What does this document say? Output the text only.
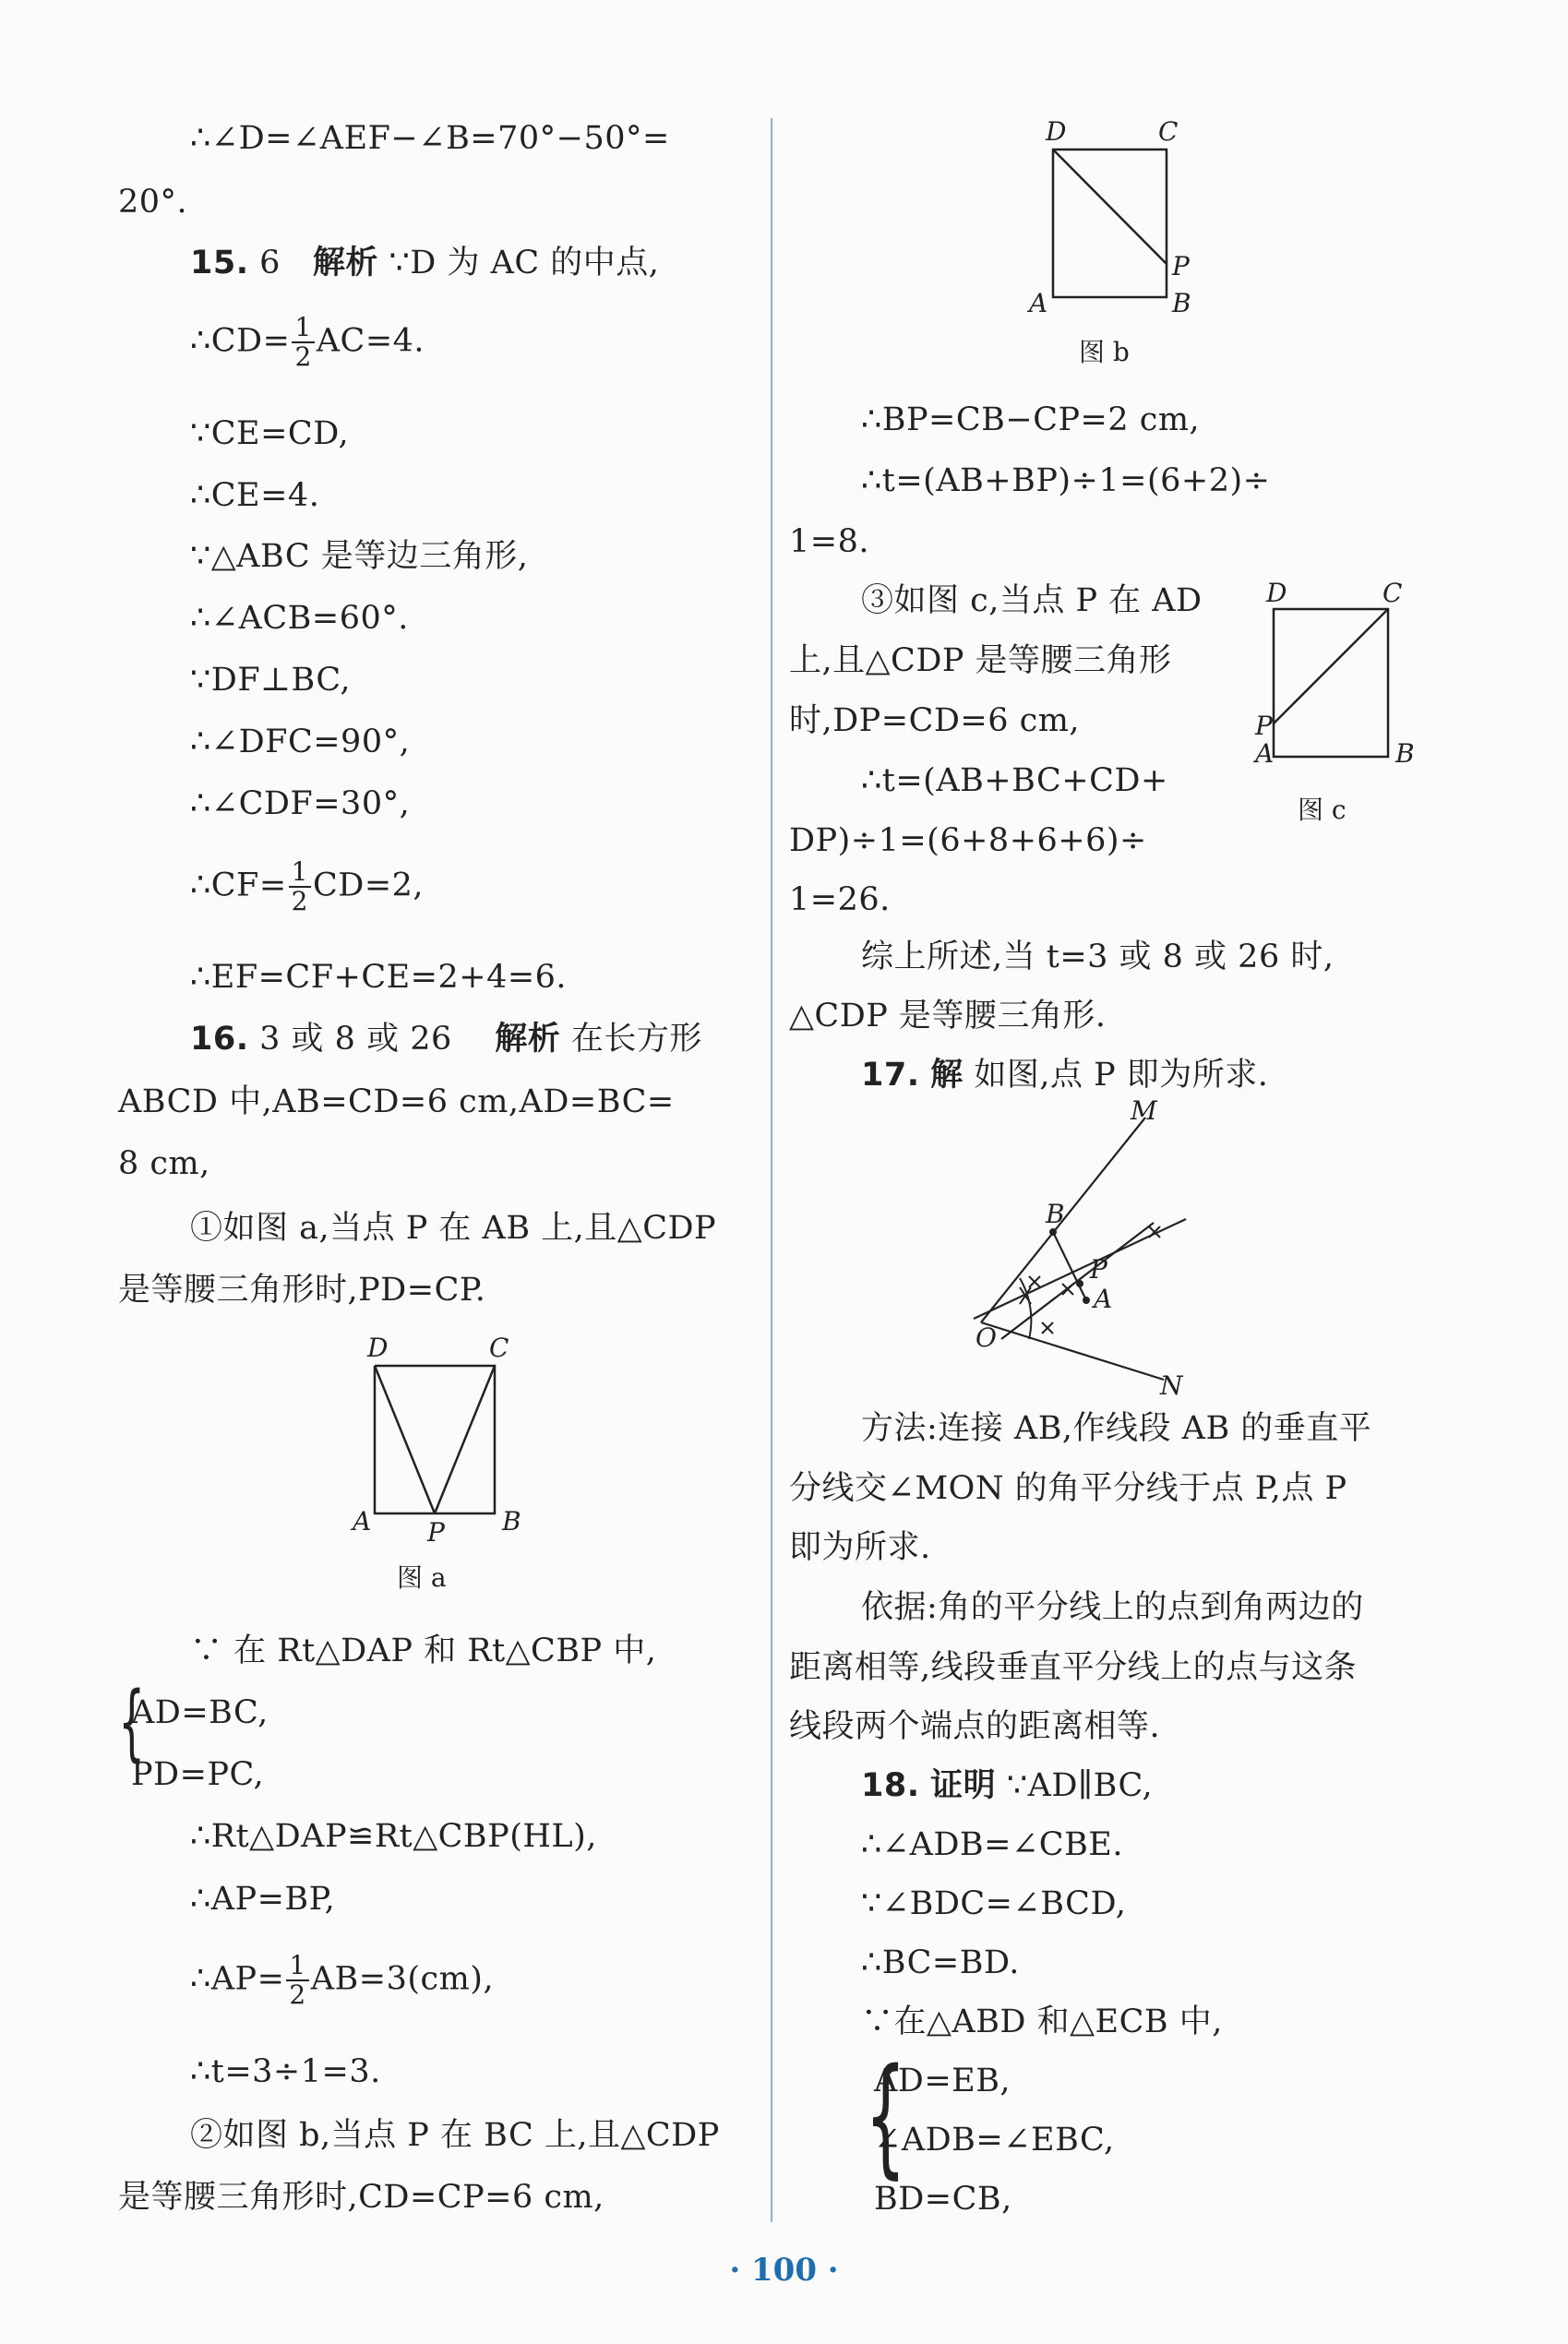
∴∠D=∠AEF−∠B=70°−50°=
20°.
15. 6 解析 ∵D 为 AC 的中点,
∴CD= $\frac{1}{2} AC=4$.
∵CE=CD,
∴CE=4.
∵△ABC 是等边三角形,
∴∠ACB=60°.
∵DF⊥BC,
∴∠DFC=90°,
∴∠CDF=30°,
∴CF= $\frac{1}{2} CD=2$,
∴EF=CF+CE=2+4=6.
16. 3 或 8 或 26 解析 在长方形
ABCD 中,AB=CD=6 cm,AD=BC=
8 cm,
①如图 a,当点 P 在 AB 上,且△CDP
是等腰三角形时,PD=CP.
D	C
A	B
P
图 a
∵ 在 Rt△DAP 和 Rt△CBP 中,
{
AD=BC,
PD=PC,
∴Rt△DAP≌Rt△CBP(HL),
∴AP=BP,
∴AP= $\frac{1}{2} AB=3(cm)$,
∴t=3÷1=3.
②如图 b,当点 P 在 BC 上,且△CDP
是等腰三角形时,CD=CP=6 cm,
D	C
P
A	B
图 b
∴BP=CB−CP=2 cm,
∴t=(AB+BP)÷1=(6+2)÷
1=8.
③如图 c,当点 P 在 AD
上,且△CDP 是等腰三角形
时,DP=CD=6 cm,
∴t=(AB+BC+CD+
DP)÷1=(6+8+6+6)÷
1=26.
D	C
P
A	B
图 c
综上所述,当 t=3 或 8 或 26 时,
△CDP 是等腰三角形.
17. 解 如图,点 P 即为所求.
M
B
P
A
O
N
方法:连接 AB,作线段 AB 的垂直平
分线交∠MON 的角平分线于点 P,点 P
即为所求.
依据:角的平分线上的点到角两边的
距离相等,线段垂直平分线上的点与这条
线段两个端点的距离相等.
18. 证明 ∵AD∥BC,
∴∠ADB=∠CBE.
∵∠BDC=∠BCD,
∴BC=BD.
∵在△ABD 和△ECB 中,
{
AD=EB,
∠ADB=∠EBC,
BD=CB,
· 100 ·
